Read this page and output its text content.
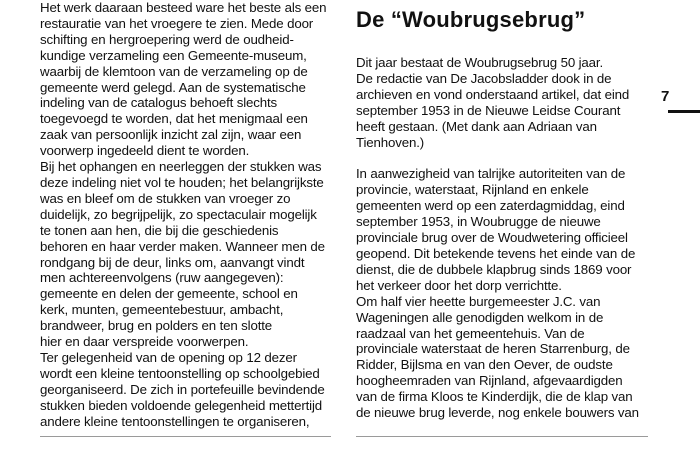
Het werk daaraan besteed ware het beste als een

restauratie van het vroegere te zien. Mede door

schifting en hergroepering werd de oudheid-

kundige verzameling een Gemeente-museum,

waarbij de klemtoon van de verzameling op de

gemeente werd gelegd. Aan de systematische

indeling van de catalogus behoeft slechts

toegevoegd te worden, dat het menigmaal een

zaak van persoonlijk inzicht zal zijn, waar een

voorwerp ingedeeld dient te worden.

Bij het ophangen en neerleggen der stukken was

deze indeling niet vol te houden; het belangrijkste

was en bleef om de stukken van vroeger zo

duidelijk, zo begrijpelijk, zo spectaculair mogelijk

te tonen aan hen, die bij die geschiedenis

behoren en haar verder maken. Wanneer men de

rondgang bij de deur, links om, aanvangt vindt

men achtereenvolgens (ruw aangegeven):

gemeente en delen der gemeente, school en

kerk, munten, gemeentebestuur, ambacht,

brandweer, brug en polders en ten slotte

hier en daar verspreide voorwerpen.

Ter gelegenheid van de opening op 12 dezer

wordt een kleine tentoonstelling op schoolgebied

georganiseerd. De zich in portefeuille bevindende

stukken bieden voldoende gelegenheid mettertijd

andere kleine tentoonstellingen te organiseren,

De “Woubrugsebrug”

Dit jaar bestaat de Woubrugsebrug 50 jaar.

De redactie van De Jacobsladder dook in de

archieven en vond onderstaand artikel, dat eind

september 1953 in de Nieuwe Leidse Courant

heeft gestaan. (Met dank aan Adriaan van

Tienhoven.)

In aanwezigheid van talrijke autoriteiten van de

provincie, waterstaat, Rijnland en enkele

gemeenten werd op een zaterdagmiddag, eind

september 1953, in Woubrugge de nieuwe

provinciale brug over de Woudwetering officieel

geopend. Dit betekende tevens het einde van de

dienst, die de dubbele klapbrug sinds 1869 voor

het verkeer door het dorp verrichtte.

Om half vier heette burgemeester J.C. van

Wageningen alle genodigden welkom in de

raadzaal van het gemeentehuis. Van de

provinciale waterstaat de heren Starrenburg, de

Ridder, Bijlsma en van den Oever, de oudste

hoogheemraden van Rijnland, afgevaardigden

van de firma Kloos te Kinderdijk, die de klap van

de nieuwe brug leverde, nog enkele bouwers van

7
